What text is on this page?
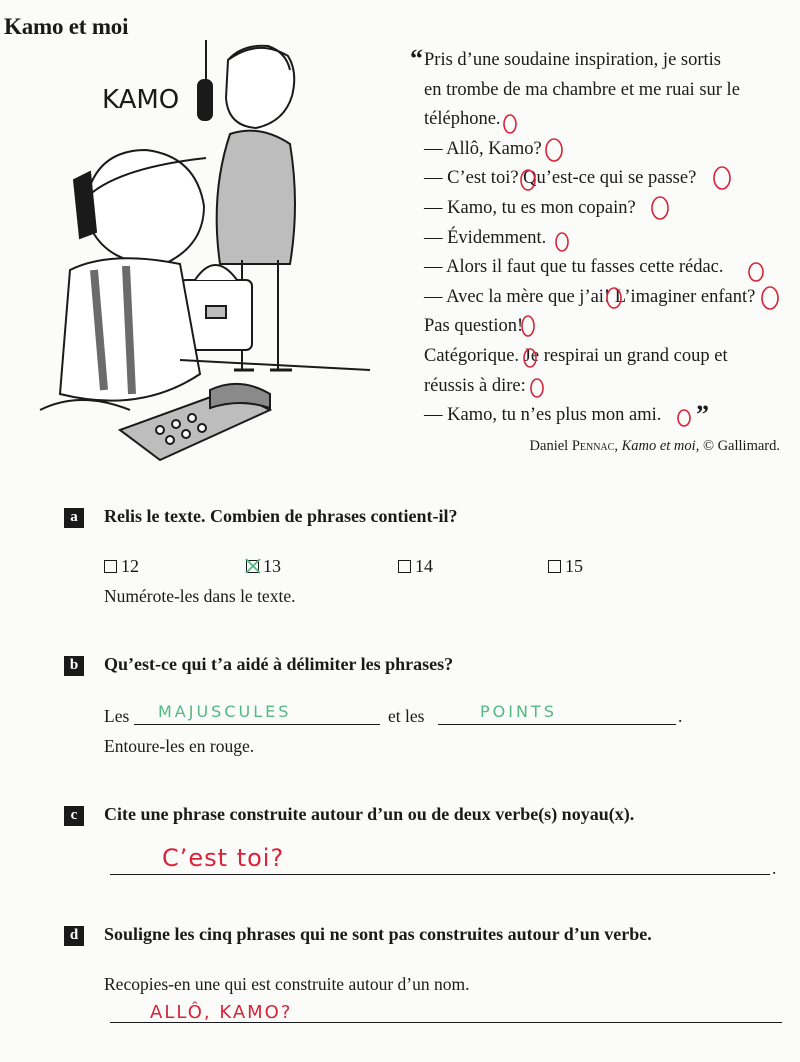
Kamo et moi
KAMO
“ Pris d’une soudaine inspiration, je sortis
en trombe de ma chambre et me ruai sur le
téléphone.
— Allô, Kamo?
— C’est toi? Qu’est-ce qui se passe?
— Kamo, tu es mon copain?
— Évidemment.
— Alors il faut que tu fasses cette rédac.
— Avec la mère que j’ai! L’imaginer enfant?
Pas question!
Catégorique. Je respirai un grand coup et
réussis à dire:
— Kamo, tu n’es plus mon ami.	”
Daniel Pennac, Kamo et moi, © Gallimard.
a	Relis le texte. Combien de phrases contient-il?
12	13	14	15
Numérote-les dans le texte.
b	Qu’est-ce qui t’a aidé à délimiter les phrases?
Les MAJUSCULES	et les	POINTS	.
Entoure-les en rouge.
c	Cite une phrase construite autour d’un ou de deux verbe(s) noyau(x).
C’est toi?	.
d	Souligne les cinq phrases qui ne sont pas construites autour d’un verbe.
Recopies-en une qui est construite autour d’un nom.
ALLÔ, KAMO?
